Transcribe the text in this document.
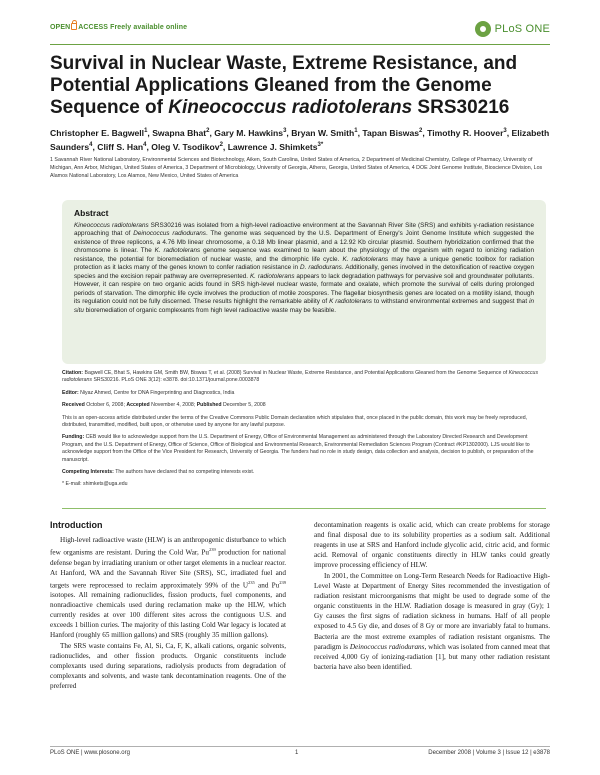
OPEN ACCESS Freely available online	PLoS ONE
Survival in Nuclear Waste, Extreme Resistance, and Potential Applications Gleaned from the Genome Sequence of Kineococcus radiotolerans SRS30216
Christopher E. Bagwell$^1$, Swapna Bhat$^2$, Gary M. Hawkins$^3$, Bryan W. Smith$^1$, Tapan Biswas$^2$, Timothy R. Hoover$^3$, Elizabeth Saunders$^4$, Cliff S. Han$^4$, Oleg V. Tsodikov$^2$, Lawrence J. Shimkets$^{3*}$
1 Savannah River National Laboratory, Environmental Sciences and Biotechnology, Aiken, South Carolina, United States of America, 2 Department of Medicinal Chemistry, College of Pharmacy, University of Michigan, Ann Arbor, Michigan, United States of America, 3 Department of Microbiology, University of Georgia, Athens, Georgia, United States of America, 4 DOE Joint Genome Institute, Bioscience Division, Los Alamos National Laboratory, Los Alamos, New Mexico, United States of America
Abstract

Kineococcus radiotolerans SRS30216 was isolated from a high-level radioactive environment at the Savannah River Site (SRS) and exhibits γ-radiation resistance approaching that of Deinococcus radiodurans. The genome was sequenced by the U.S. Department of Energy's Joint Genome Institute which suggested the existence of three replicons, a 4.76 Mb linear chromosome, a 0.18 Mb linear plasmid, and a 12.92 Kb circular plasmid. Southern hybridization confirmed that the chromosome is linear. The K. radiotolerans genome sequence was examined to learn about the physiology of the organism with regard to ionizing radiation resistance, the potential for bioremediation of nuclear waste, and the dimorphic life cycle. K. radiotolerans may have a unique genetic toolbox for radiation protection as it lacks many of the genes known to confer radiation resistance in D. radiodurans. Additionally, genes involved in the detoxification of reactive oxygen species and the excision repair pathway are overrepresented. K. radiotolerans appears to lack degradation pathways for pervasive soil and groundwater pollutants. However, it can respire on two organic acids found in SRS high-level nuclear waste, formate and oxalate, which promote the survival of cells during prolonged periods of starvation. The dimorphic life cycle involves the production of motile zoospores. The flagellar biosynthesis genes are located on a motility island, though its regulation could not be fully discerned. These results highlight the remarkable ability of K radiotolerans to withstand environmental extremes and suggest that in situ bioremediation of organic complexants from high level radioactive waste may be feasible.

Citation: Bagwell CE, Bhat S, Hawkins GM, Smith BW, Biswas T, et al. (2008) Survival in Nuclear Waste, Extreme Resistance, and Potential Applications Gleaned from the Genome Sequence of Kineococcus radiotolerans SRS30216. PLoS ONE 3(12): e3878. doi:10.1371/journal.pone.0003878

Editor: Niyaz Ahmed, Centre for DNA Fingerprinting and Diagnostics, India

Received October 6, 2008; Accepted November 4, 2008; Published December 5, 2008

This is an open-access article distributed under the terms of the Creative Commons Public Domain declaration which stipulates that, once placed in the public domain, this work may be freely reproduced, distributed, transmitted, modified, built upon, or otherwise used by anyone for any lawful purpose.

Funding: CEB would like to acknowledge support from the U.S. Department of Energy, Office of Environmental Management as administered through the Laboratory Directed Research and Development Program, and the U.S. Department of Energy, Office of Science, Office of Biological and Environmental Research, Environmental Remediation Sciences Program (Contract #KP1302000). LJS would like to acknowledge support from the Office of the Vice President for Research, University of Georgia. The funders had no role in study design, data collection and analysis, decision to publish, or preparation of the manuscript.

Competing Interests: The authors have declared that no competing interests exist.

* E-mail: shimkets@uga.edu

Introduction

High-level radioactive waste (HLW) is an anthropogenic disturbance to which few organisms are resistant. During the Cold War, Pu$^{239}$ production for national defense began by irradiating uranium or other target elements in a nuclear reactor. At Hanford, WA and the Savannah River Site (SRS), SC, irradiated fuel and targets were reprocessed to reclaim approximately 99% of the $U^{235}$ and Pu$^{239}$ isotopes. All remaining radionuclides, fission products, fuel components, and nonradioactive chemicals used during reclamation make up the HLW, which currently resides at over 100 different sites across the contiguous U.S. and exceeds 1 billion curies. The majority of this lasting Cold War legacy is located at Hanford (roughly 65 million gallons) and SRS (roughly 35 million gallons).

The SRS waste contains Fe, Al, Si, Ca, F, K, alkali cations, organic solvents, radionuclides, and other fission products. Organic constituents include complexants used during separations, radiolysis products from degradation of complexants and solvents, and waste tank decontamination reagents. One of the preferred

decontamination reagents is oxalic acid, which can create problems for storage and final disposal due to its solubility properties as a sodium salt. Additional reagents in use at SRS and Hanford include glycolic acid, citric acid, and formic acid. Removal of organic constituents directly in HLW tanks could greatly improve processing efficiency of HLW.

In 2001, the Committee on Long-Term Research Needs for Radioactive High-Level Waste at Department of Energy Sites recommended the investigation of radiation resistant microorganisms that might be used to degrade some of the organic constituents in the HLW. Radiation dosage is measured in gray (Gy); 1 Gy causes the first signs of radiation sickness in humans. Half of all people exposed to 4.5 Gy die, and doses of 8 Gy or more are invariably fatal to humans. Bacteria are the most extreme examples of radiation resistant organisms. The paradigm is Deinococcus radiodurans, which was isolated from canned meat that received 4,000 Gy of ionizing-radiation [1], but many other radiation resistant bacteria have also been identified.

PLoS ONE | www.plosone.org	1	December 2008 | Volume 3 | Issue 12 | e3878
